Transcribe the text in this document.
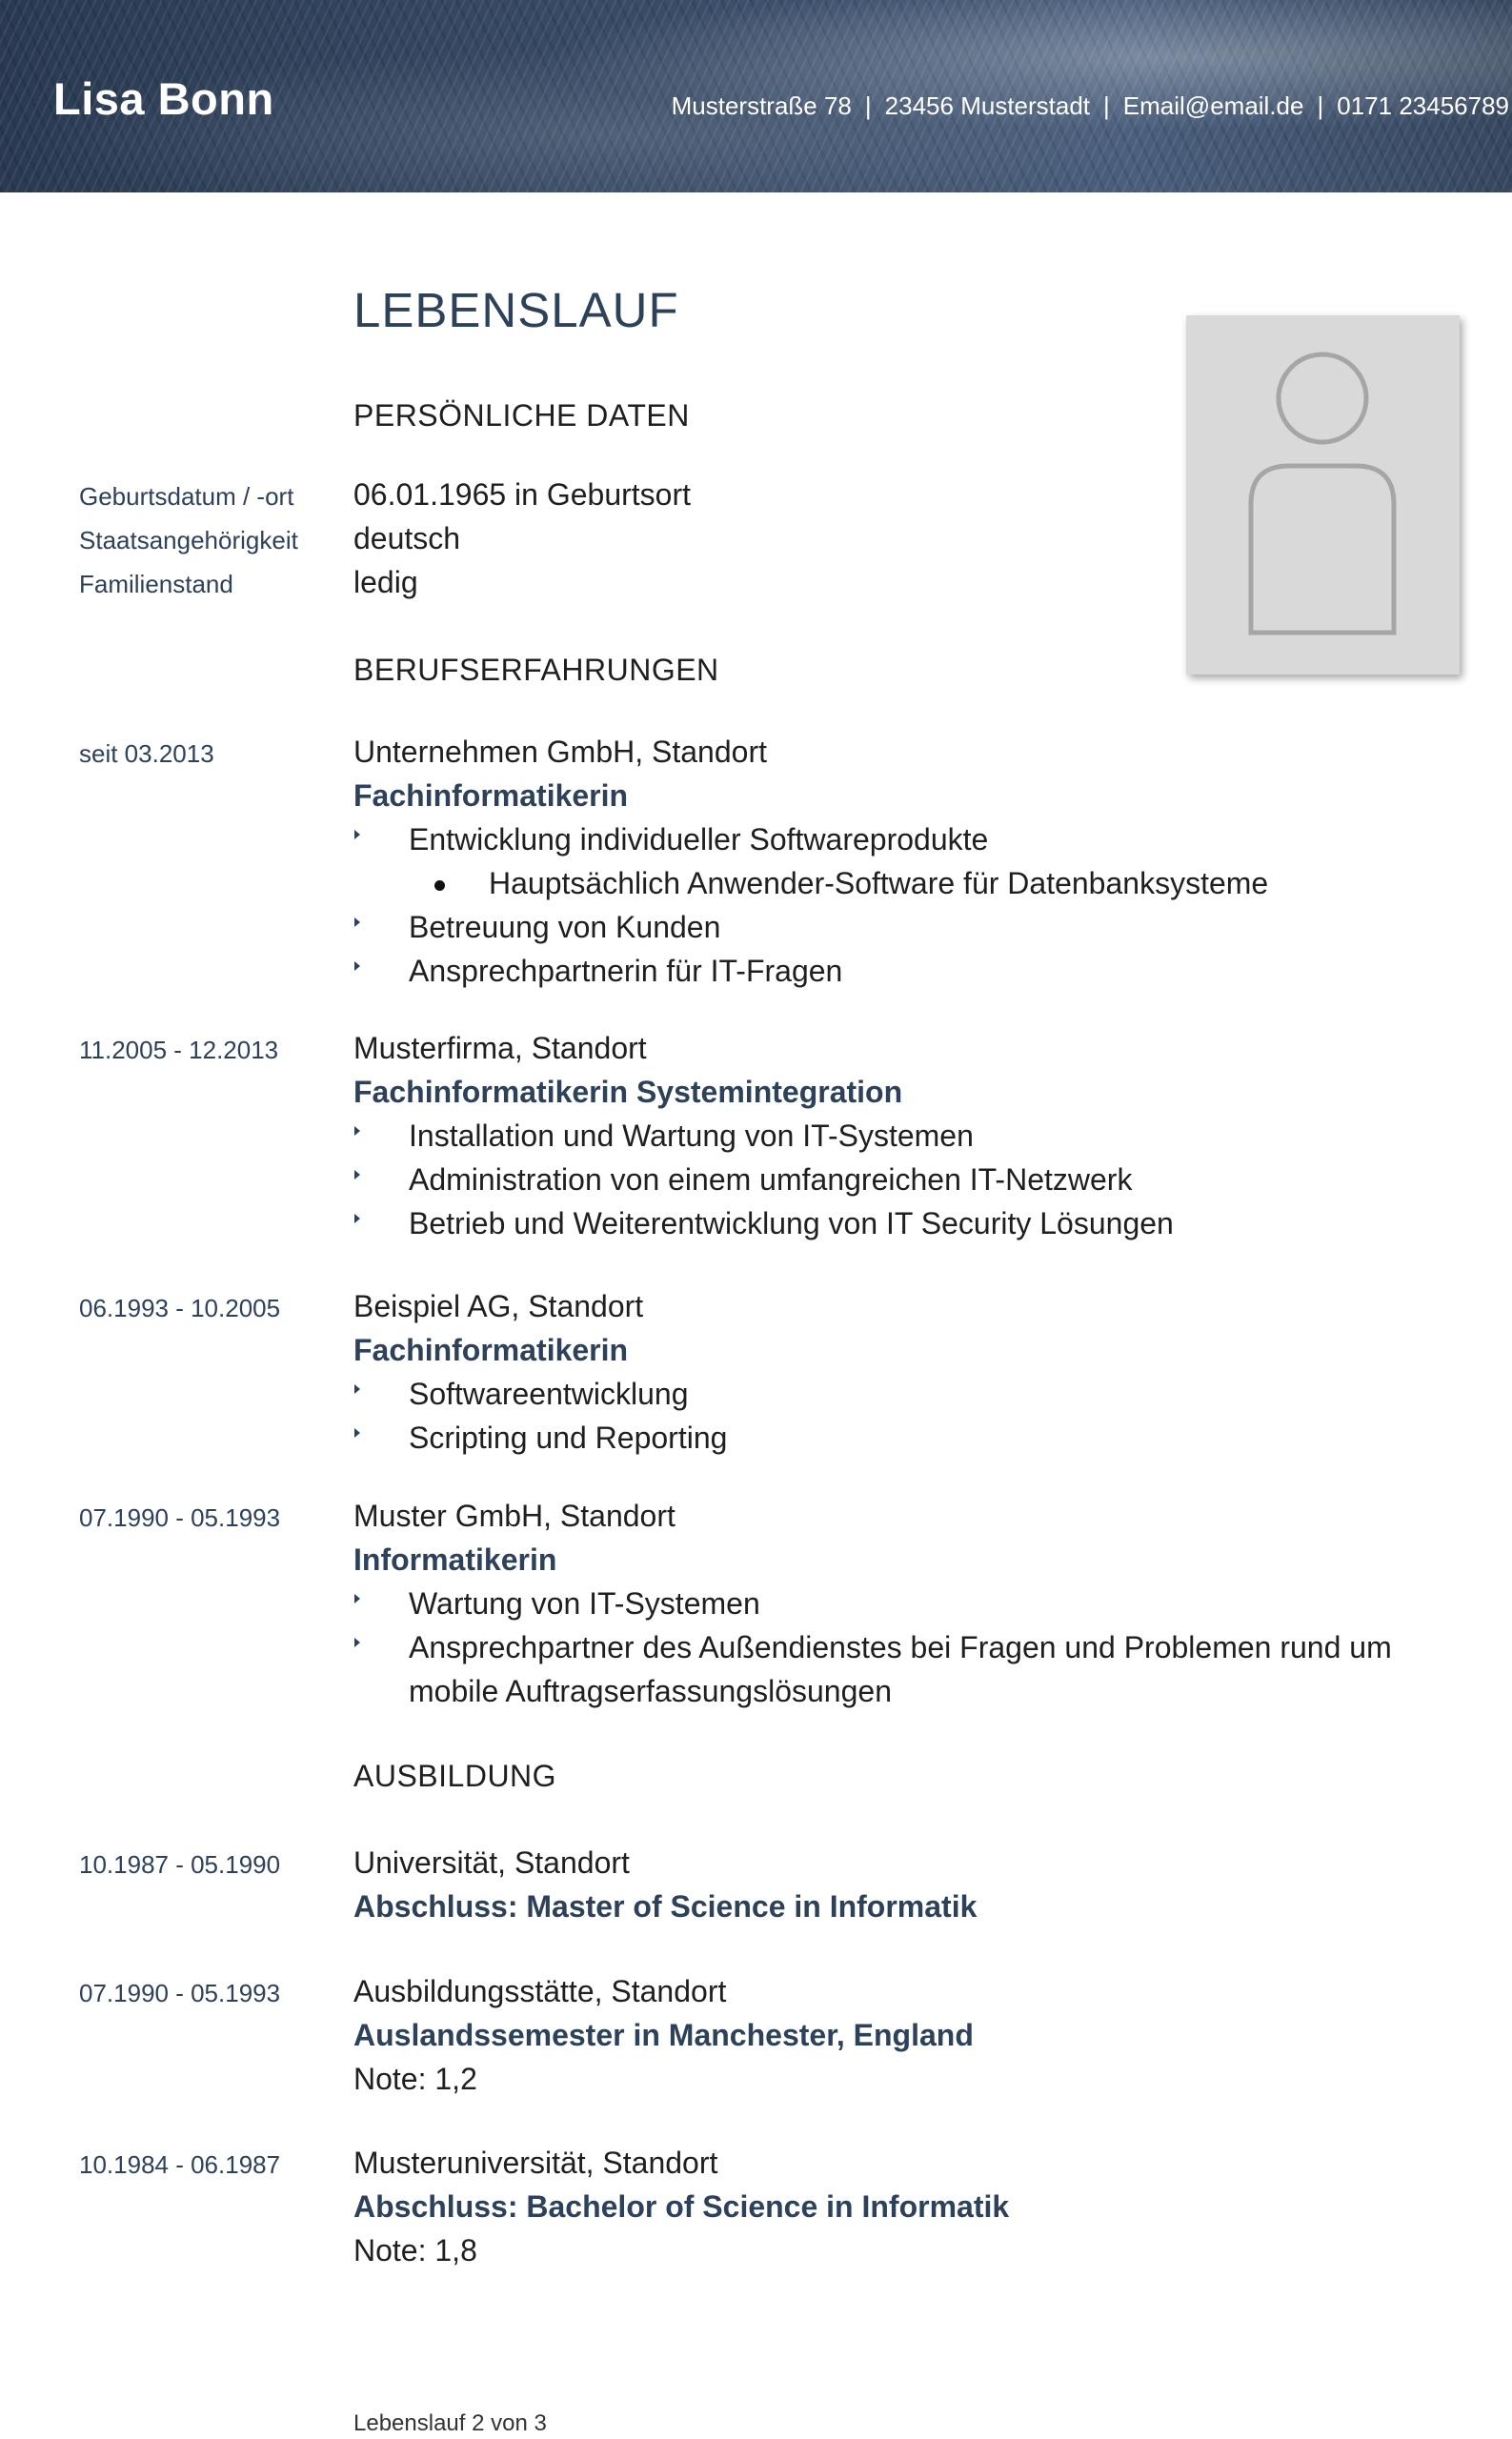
Lisa Bonn	Musterstraße 78 | 23456 Musterstadt | Email@email.de | 0171 23456789
LEBENSLAUF
PERSÖNLICHE DATEN
Geburtsdatum / -ort 06.01.1965 in Geburtsort
Staatsangehörigkeit deutsch
Familienstand	ledig
BERUFSERFAHRUNGEN
seit 03.2013	Unternehmen GmbH, Standort
Fachinformatikerin
Entwicklung individueller Softwareprodukte
Hauptsächlich Anwender-Software für Datenbanksysteme
Betreuung von Kunden
Ansprechpartnerin für IT-Fragen
11.2005 - 12.2013 Musterfirma, Standort
Fachinformatikerin Systemintegration
Installation und Wartung von IT-Systemen
Administration von einem umfangreichen IT-Netzwerk
Betrieb und Weiterentwicklung von IT Security Lösungen
06.1993 - 10.2005 Beispiel AG, Standort
Fachinformatikerin
Softwareentwicklung
Scripting und Reporting
07.1990 - 05.1993 Muster GmbH, Standort
Informatikerin
Wartung von IT-Systemen
Ansprechpartner des Außendienstes bei Fragen und Problemen rund um
mobile Auftragserfassungslösungen
AUSBILDUNG
10.1987 - 05.1990 Universität, Standort
Abschluss: Master of Science in Informatik
07.1990 - 05.1993 Ausbildungsstätte, Standort
Auslandssemester in Manchester, England
Note: 1,2
10.1984 - 06.1987 Musteruniversität, Standort
Abschluss: Bachelor of Science in Informatik
Note: 1,8
Lebenslauf 2 von 3
